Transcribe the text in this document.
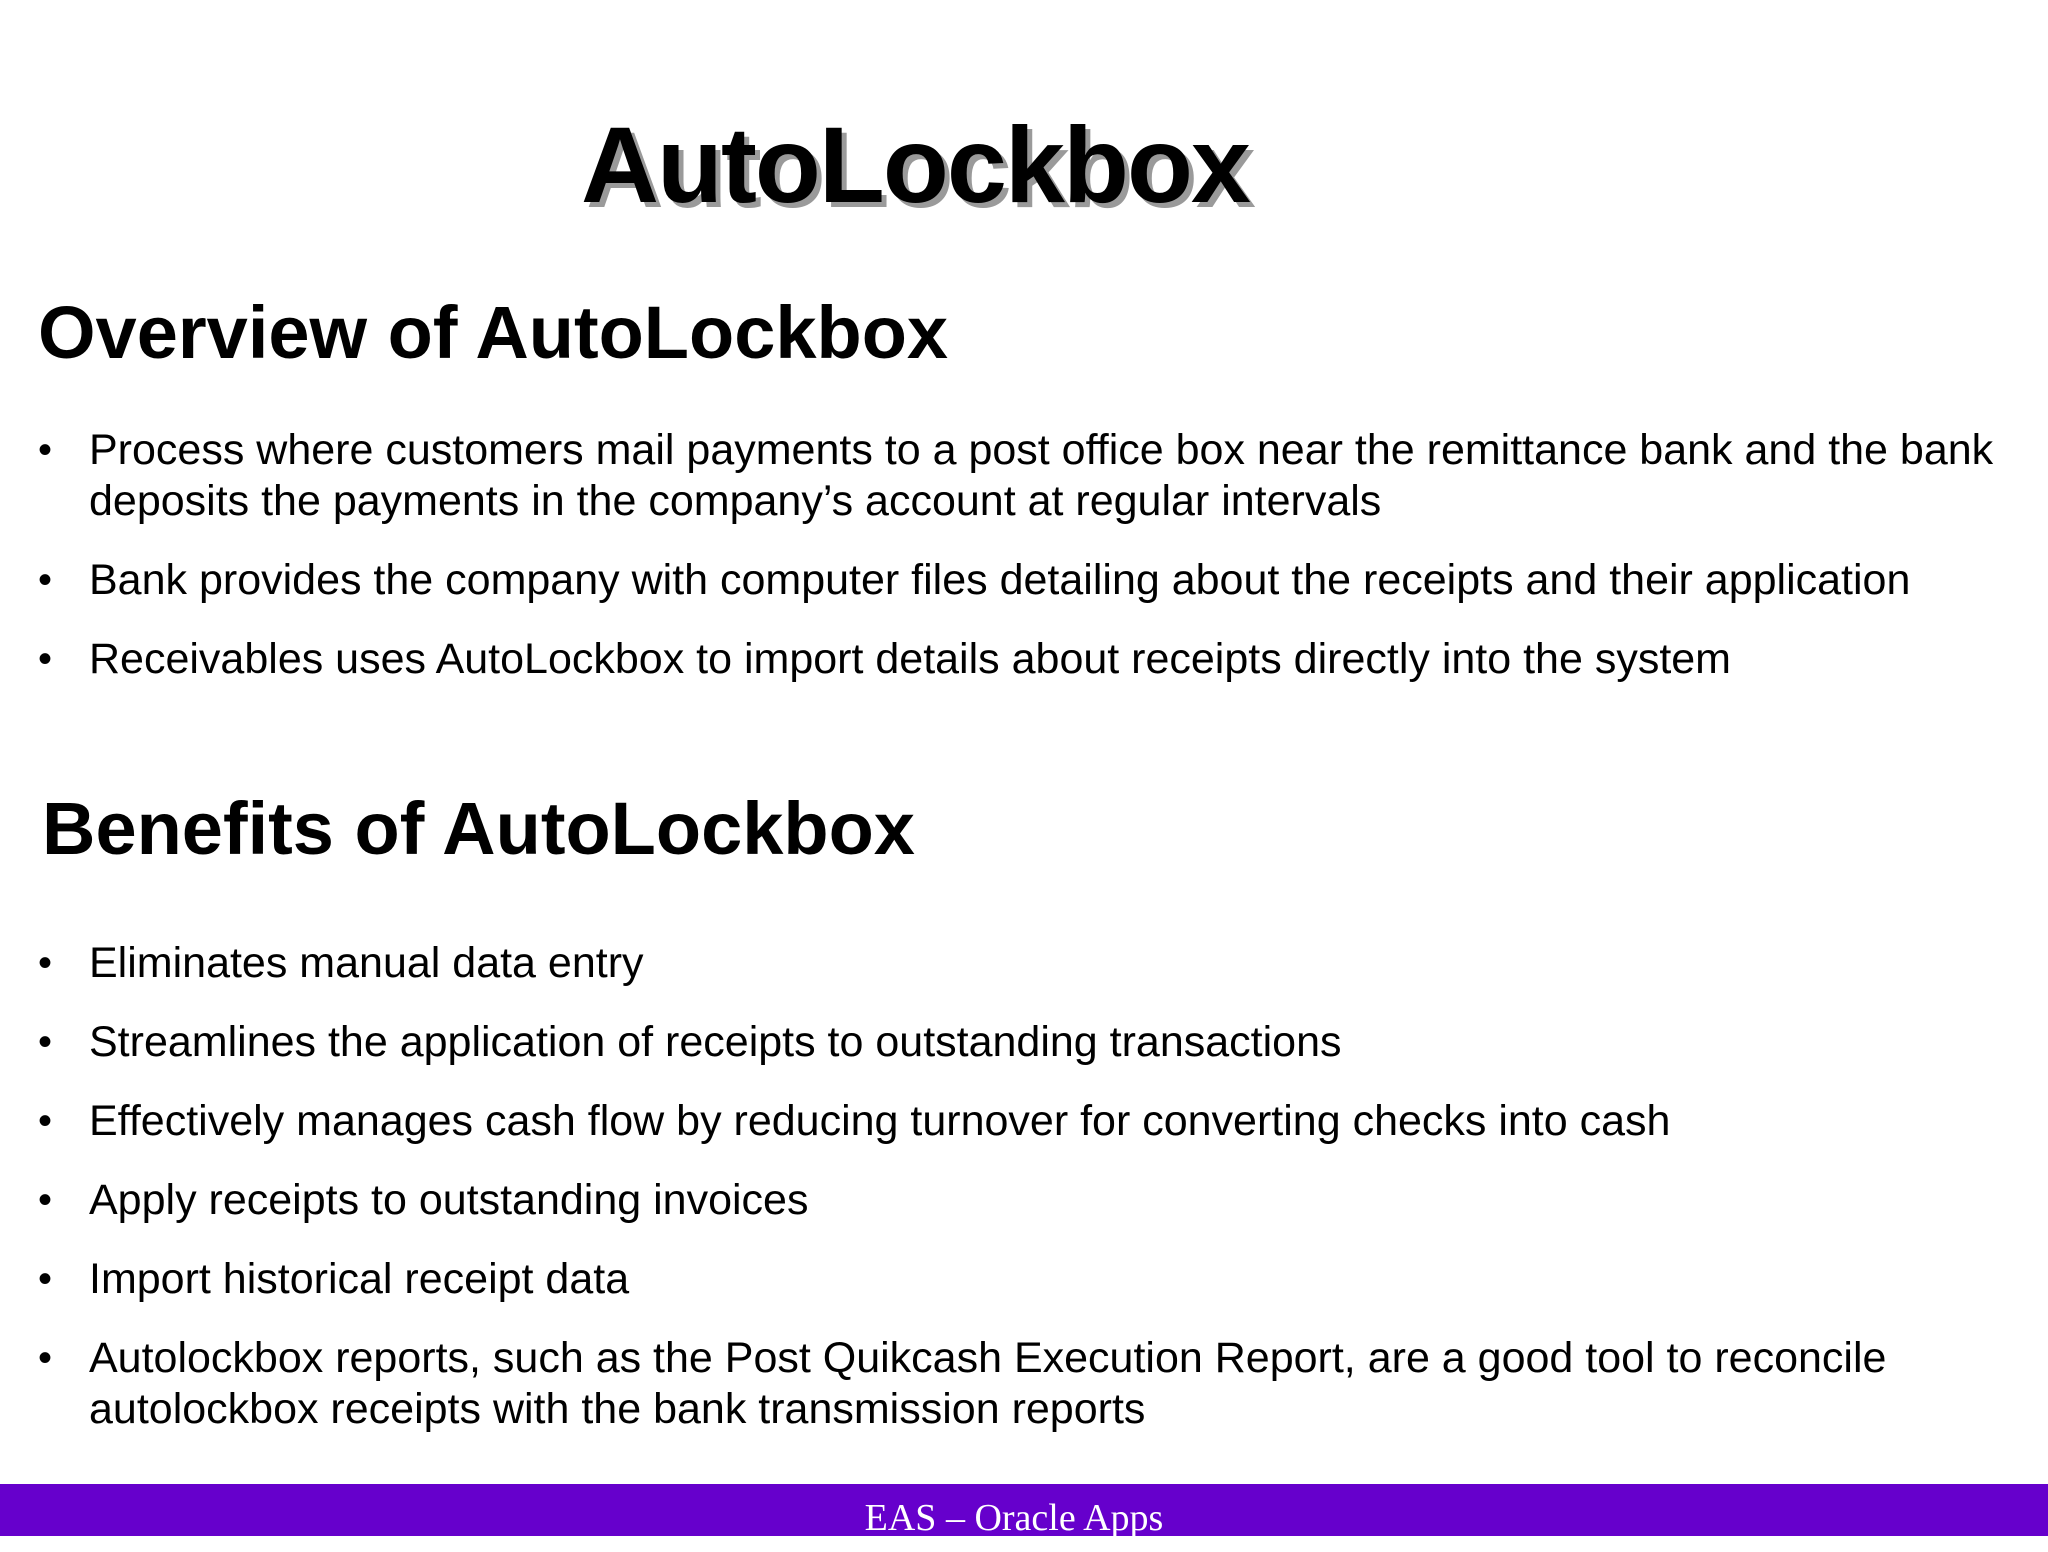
AutoLockbox
Overview of AutoLockbox
• Process where customers mail payments to a post office box near the remittance bank and the bank deposits the payments in the company’s account at regular intervals
• Bank provides the company with computer files detailing about the receipts and their application
• Receivables uses AutoLockbox to import details about receipts directly into the system
Benefits of AutoLockbox
• Eliminates manual data entry
• Streamlines the application of receipts to outstanding transactions
• Effectively manages cash flow by reducing turnover for converting checks into cash
• Apply receipts to outstanding invoices
• Import historical receipt data
• Autolockbox reports, such as the Post Quikcash Execution Report, are a good tool to reconcile autolockbox receipts with the bank transmission reports
EAS – Oracle Apps
